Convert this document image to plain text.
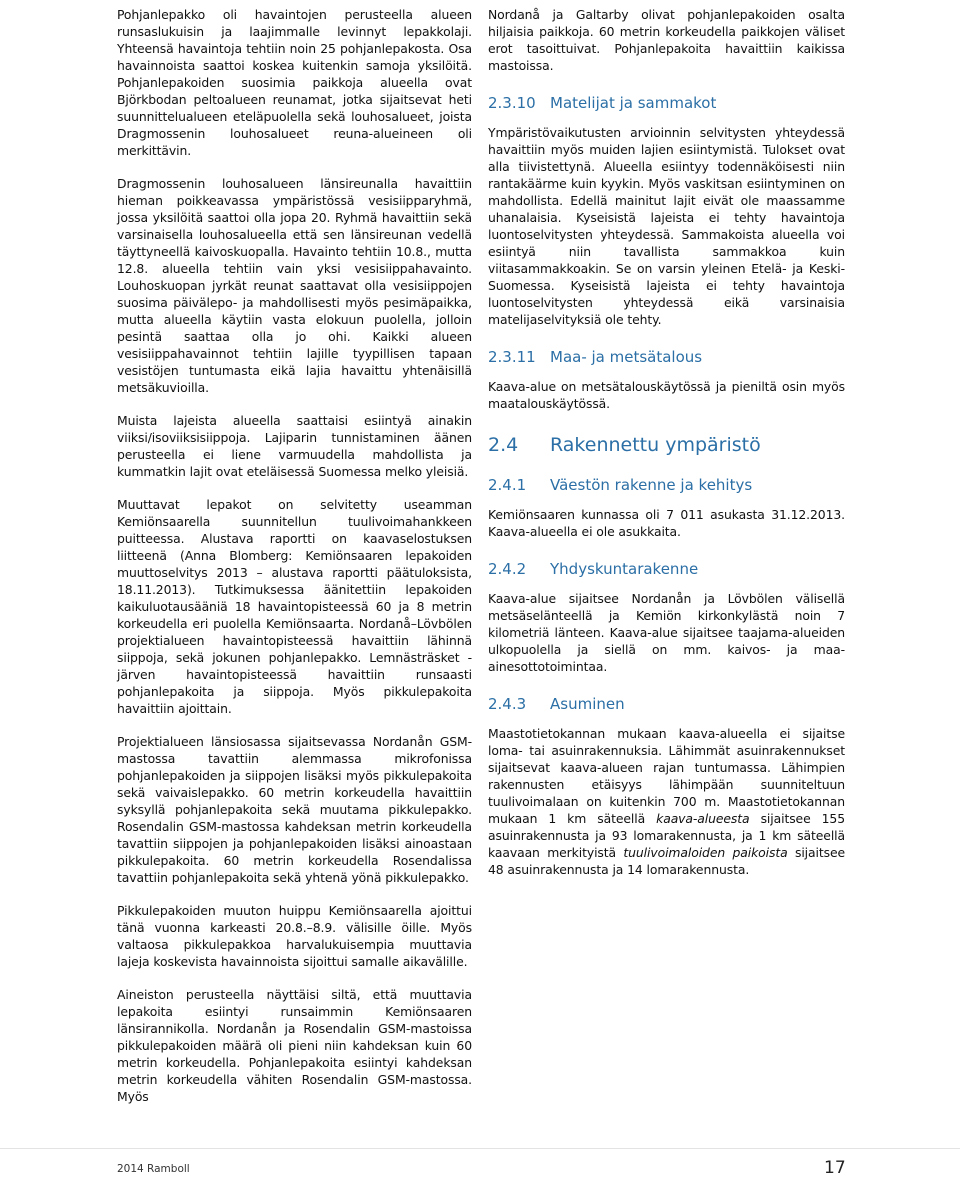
Pohjanlepakko oli havaintojen perusteella alueen runsaslukuisin ja laajimmalle levinnyt lepakkolaji. Yhteensä havaintoja tehtiin noin 25 pohjanlepakosta. Osa havainnoista saattoi koskea kuitenkin samoja yksilöitä. Pohjanlepakoiden suosimia paikkoja alueella ovat Björkbodan peltoalueen reunamat, jotka sijaitsevat heti suunnittelualueen eteläpuolella sekä louhosalueet, joista Dragmossenin louhosalueet reuna-alueineen oli merkittävin.

Dragmossenin louhosalueen länsireunalla havaittiin hieman poikkeavassa ympäristössä vesisiipparyhmä, jossa yksilöitä saattoi olla jopa 20. Ryhmä havaittiin sekä varsinaisella louhosalueella että sen länsireunan vedellä täyttyneellä kaivoskuopalla. Havainto tehtiin 10.8., mutta 12.8. alueella tehtiin vain yksi vesisiippahavainto. Louhoskuopan jyrkät reunat saattavat olla vesisiippojen suosima päivälepo- ja mahdollisesti myös pesimäpaikka, mutta alueella käytiin vasta elokuun puolella, jolloin pesintä saattaa olla jo ohi. Kaikki alueen vesisiippahavainnot tehtiin lajille tyypillisen tapaan vesistöjen tuntumasta eikä lajia havaittu yhtenäisillä metsäkuvioilla.

Muista lajeista alueella saattaisi esiintyä ainakin viiksi/isoviiksisiippoja. Lajiparin tunnistaminen äänen perusteella ei liene varmuudella mahdollista ja kummatkin lajit ovat eteläisessä Suomessa melko yleisiä.

Muuttavat lepakot on selvitetty useamman Kemiönsaarella suunnitellun tuulivoimahankkeen puitteessa. Alustava raportti on kaavaselostuksen liitteenä (Anna Blomberg: Kemiönsaaren lepakoiden muuttoselvitys 2013 – alustava raportti päätuloksista, 18.11.2013). Tutkimuksessa äänitettiin lepakoiden kaikuluotausääniä 18 havaintopisteessä 60 ja 8 metrin korkeudella eri puolella Kemiönsaarta. Nordanå–Lövbölen projektialueen havaintopisteessä havaittiin lähinnä siippoja, sekä jokunen pohjanlepakko. Lemnästräsket -järven havaintopisteessä havaittiin runsaasti pohjanlepakoita ja siippoja. Myös pikkulepakoita havaittiin ajoittain.

Projektialueen länsiosassa sijaitsevassa Nordanån GSM-mastossa tavattiin alemmassa mikrofonissa pohjanlepakoiden ja siippojen lisäksi myös pikkulepakoita sekä vaivaislepakko. 60 metrin korkeudella havaittiin syksyllä pohjanlepakoita sekä muutama pikkulepakko. Rosendalin GSM-mastossa kahdeksan metrin korkeudella tavattiin siippojen ja pohjanlepakoiden lisäksi ainoastaan pikkulepakoita. 60 metrin korkeudella Rosendalissa tavattiin pohjanlepakoita sekä yhtenä yönä pikkulepakko.

Pikkulepakoiden muuton huippu Kemiönsaarella ajoittui tänä vuonna karkeasti 20.8.–8.9. välisille öille. Myös valtaosa pikkulepakkoa harvalukuisempia muuttavia lajeja koskevista havainnoista sijoittui samalle aikavälille.

Aineiston perusteella näyttäisi siltä, että muuttavia lepakoita esiintyi runsaimmin Kemiönsaaren länsirannikolla. Nordanån ja Rosendalin GSM-mastoissa pikkulepakoiden määrä oli pieni niin kahdeksan kuin 60 metrin korkeudella. Pohjanlepakoita esiintyi kahdeksan metrin korkeudella vähiten Rosendalin GSM-mastossa. Myös

Nordanå ja Galtarby olivat pohjanlepakoiden osalta hiljaisia paikkoja. 60 metrin korkeudella paikkojen väliset erot tasoittuivat. Pohjanlepakoita havaittiin kaikissa mastoissa.

2.3.10 Matelijat ja sammakot

Ympäristövaikutusten arvioinnin selvitysten yhteydessä havaittiin myös muiden lajien esiintymistä. Tulokset ovat alla tiivistettynä. Alueella esiintyy todennäköisesti niin rantakäärme kuin kyykin. Myös vaskitsan esiintyminen on mahdollista. Edellä mainitut lajit eivät ole maassamme uhanalaisia. Kyseisistä lajeista ei tehty havaintoja luontoselvitysten yhteydessä. Sammakoista alueella voi esiintyä niin tavallista sammakkoa kuin viitasammakkoakin. Se on varsin yleinen Etelä- ja Keski-Suomessa. Kyseisistä lajeista ei tehty havaintoja luontoselvitysten yhteydessä eikä varsinaisia matelijaselvityksiä ole tehty.

2.3.11 Maa- ja metsätalous

Kaava-alue on metsätalouskäytössä ja pieniltä osin myös maatalouskäytössä.

2.4	Rakennettu ympäristö
2.4.1	Väestön rakenne ja kehitys

Kemiönsaaren kunnassa oli 7 011 asukasta 31.12.2013. Kaava-alueella ei ole asukkaita.

2.4.2	Yhdyskuntarakenne

Kaava-alue sijaitsee Nordanån ja Lövbölen välisellä metsäselänteellä ja Kemiön kirkonkylästä noin 7 kilometriä länteen. Kaava-alue sijaitsee taajama-alueiden ulkopuolella ja siellä on mm. kaivos- ja maa-ainesottotoimintaa.

2.4.3	Asuminen

Maastotietokannan mukaan kaava-alueella ei sijaitse loma- tai asuinrakennuksia. Lähimmät asuinrakennukset sijaitsevat kaava-alueen rajan tuntumassa. Lähimpien rakennusten etäisyys lähimpään suunniteltuun tuulivoimalaan on kuitenkin 700 m. Maastotietokannan mukaan 1 km säteellä kaava-alueesta sijaitsee 155 asuinrakennusta ja 93 lomarakennusta, ja 1 km säteellä kaavaan merkityistä tuulivoimaloiden paikoista sijaitsee 48 asuinrakennusta ja 14 lomarakennusta.

2014 Ramboll	17
